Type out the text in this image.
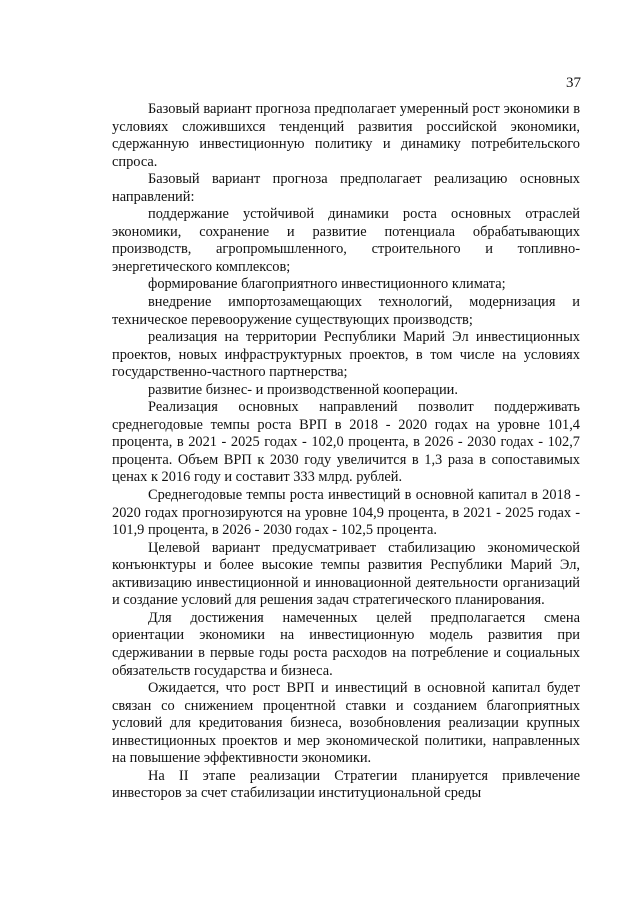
37

Базовый вариант прогноза предполагает умеренный рост экономики в условиях сложившихся тенденций развития российской экономики, сдержанную инвестиционную политику и динамику потребительского спроса.

Базовый вариант прогноза предполагает реализацию основных направлений:

поддержание устойчивой динамики роста основных отраслей экономики, сохранение и развитие потенциала обрабатывающих производств, агропромышленного, строительного и топливно-энергетического комплексов;

формирование благоприятного инвестиционного климата;

внедрение импортозамещающих технологий, модернизация и техническое перевооружение существующих производств;

реализация на территории Республики Марий Эл инвестиционных проектов, новых инфраструктурных проектов, в том числе на условиях государственно-частного партнерства;

развитие бизнес- и производственной кооперации.

Реализация основных направлений позволит поддерживать среднегодовые темпы роста ВРП в 2018 - 2020 годах на уровне 101,4 процента, в 2021 - 2025 годах - 102,0 процента, в 2026 - 2030 годах - 102,7 процента. Объем ВРП к 2030 году увеличится в 1,3 раза в сопоставимых ценах к 2016 году и составит 333 млрд. рублей.

Среднегодовые темпы роста инвестиций в основной капитал в 2018 - 2020 годах прогнозируются на уровне 104,9 процента, в 2021 - 2025 годах - 101,9 процента, в 2026 - 2030 годах - 102,5 процента.

Целевой вариант предусматривает стабилизацию экономической конъюнктуры и более высокие темпы развития Республики Марий Эл, активизацию инвестиционной и инновационной деятельности организаций и создание условий для решения задач стратегического планирования.

Для достижения намеченных целей предполагается смена ориентации экономики на инвестиционную модель развития при сдерживании в первые годы роста расходов на потребление и социальных обязательств государства и бизнеса.

Ожидается, что рост ВРП и инвестиций в основной капитал будет связан со снижением процентной ставки и созданием благоприятных условий для кредитования бизнеса, возобновления реализации крупных инвестиционных проектов и мер экономической политики, направленных на повышение эффективности экономики.

На II этапе реализации Стратегии планируется привлечение инвесторов за счет стабилизации институциональной среды
